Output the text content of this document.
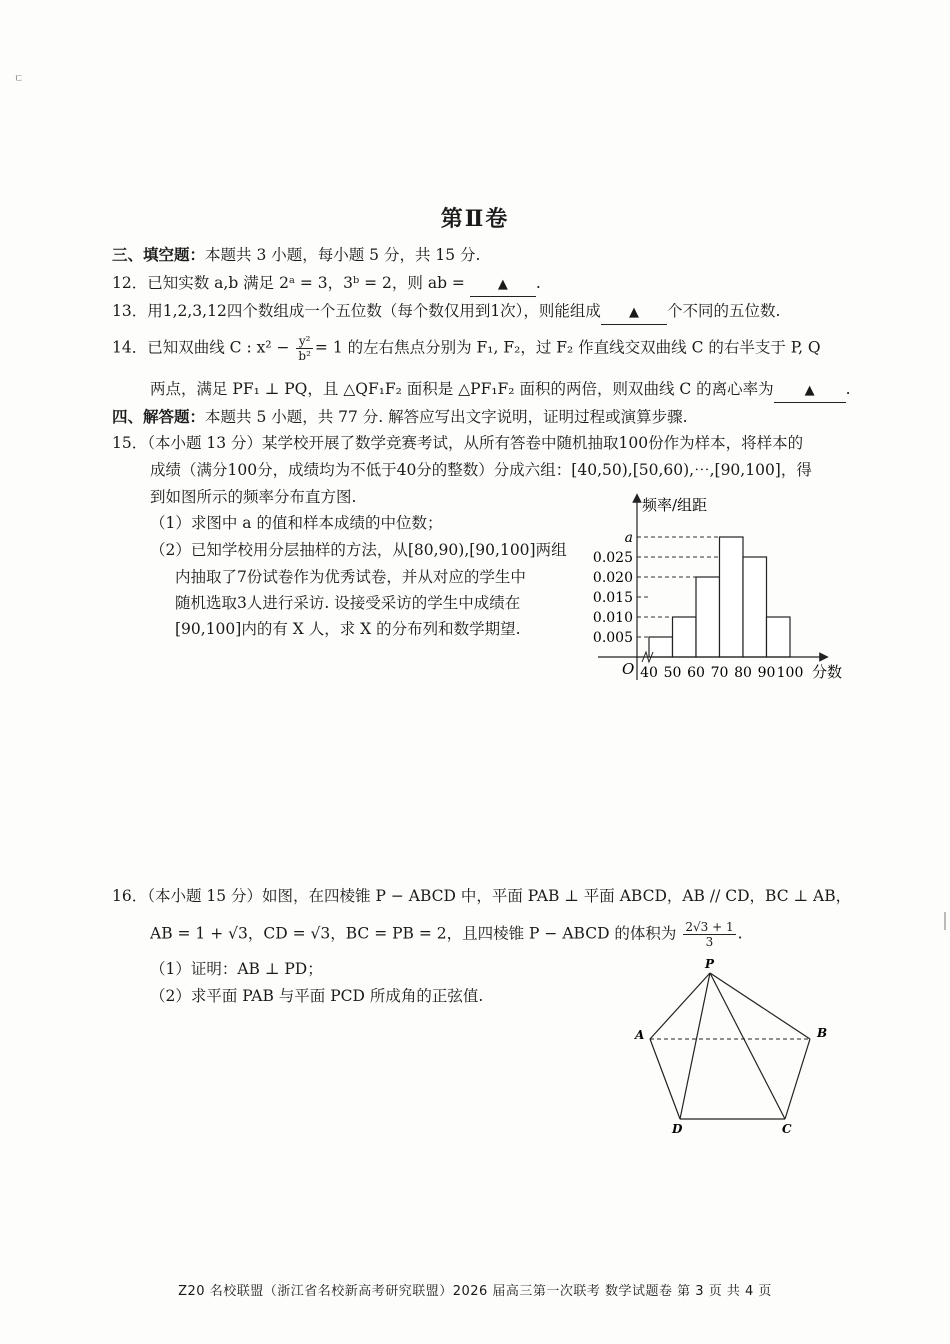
ㄷ
第Ⅱ卷
三、填空题：本题共 3 小题，每小题 5 分，共 15 分.
12．已知实数 a,b 满足 2ᵃ = 3，3ᵇ = 2，则 ab =	▲ .
13．用1,2,3,12四个数组成一个五位数（每个数仅用到1次），则能组成 ▲ 个不同的五位数.
14．已知双曲线 C : $x^2 - \frac{\text{y²}}{\text{b²}} = 1$ 的左右焦点分别为 F₁, F₂，过 F₂ 作直线交双曲线 C 的右半支于 P, Q
两点，满足 PF₁ ⊥ PQ，且 △QF₁F₂ 面积是 △PF₁F₂ 面积的两倍，则双曲线 C 的离心率为 ▲ .
四、解答题：本题共 5 小题，共 77 分. 解答应写出文字说明，证明过程或演算步骤.
15．（本小题 13 分）某学校开展了数学竞赛考试，从所有答卷中随机抽取100份作为样本，将样本的
成绩（满分100分，成绩均为不低于40分的整数）分成六组：[40,50),[50,60),⋯,[90,100]，得
到如图所示的频率分布直方图.
（1）求图中 a 的值和样本成绩的中位数；
（2）已知学校用分层抽样的方法，从[80,90),[90,100]两组
内抽取了7份试卷作为优秀试卷，并从对应的学生中
随机选取3人进行采访. 设接受采访的学生中成绩在
[90,100]内的有 X 人，求 X 的分布列和数学期望.	0.005
0.010
0.015
0.020
0.025
a
40 50 60 70 80 90 100
频率/组距
分数
O
16．（本小题 15 分）如图，在四棱锥 P − ABCD 中，平面 PAB ⊥ 平面 ABCD，AB // CD，BC ⊥ AB，
AB = 1 + √3，CD = √3，BC = PB = 2，且四棱锥 P − ABCD 的体积为 $\frac{2√3 + 1}{3}$ .
（1）证明：AB ⊥ PD；
（2）求平面 PAB 与平面 PCD 所成角的正弦值.
P
A	B
C
D
Z20 名校联盟（浙江省名校新高考研究联盟）2026 届高三第一次联考 数学试题卷 第 3 页 共 4 页
